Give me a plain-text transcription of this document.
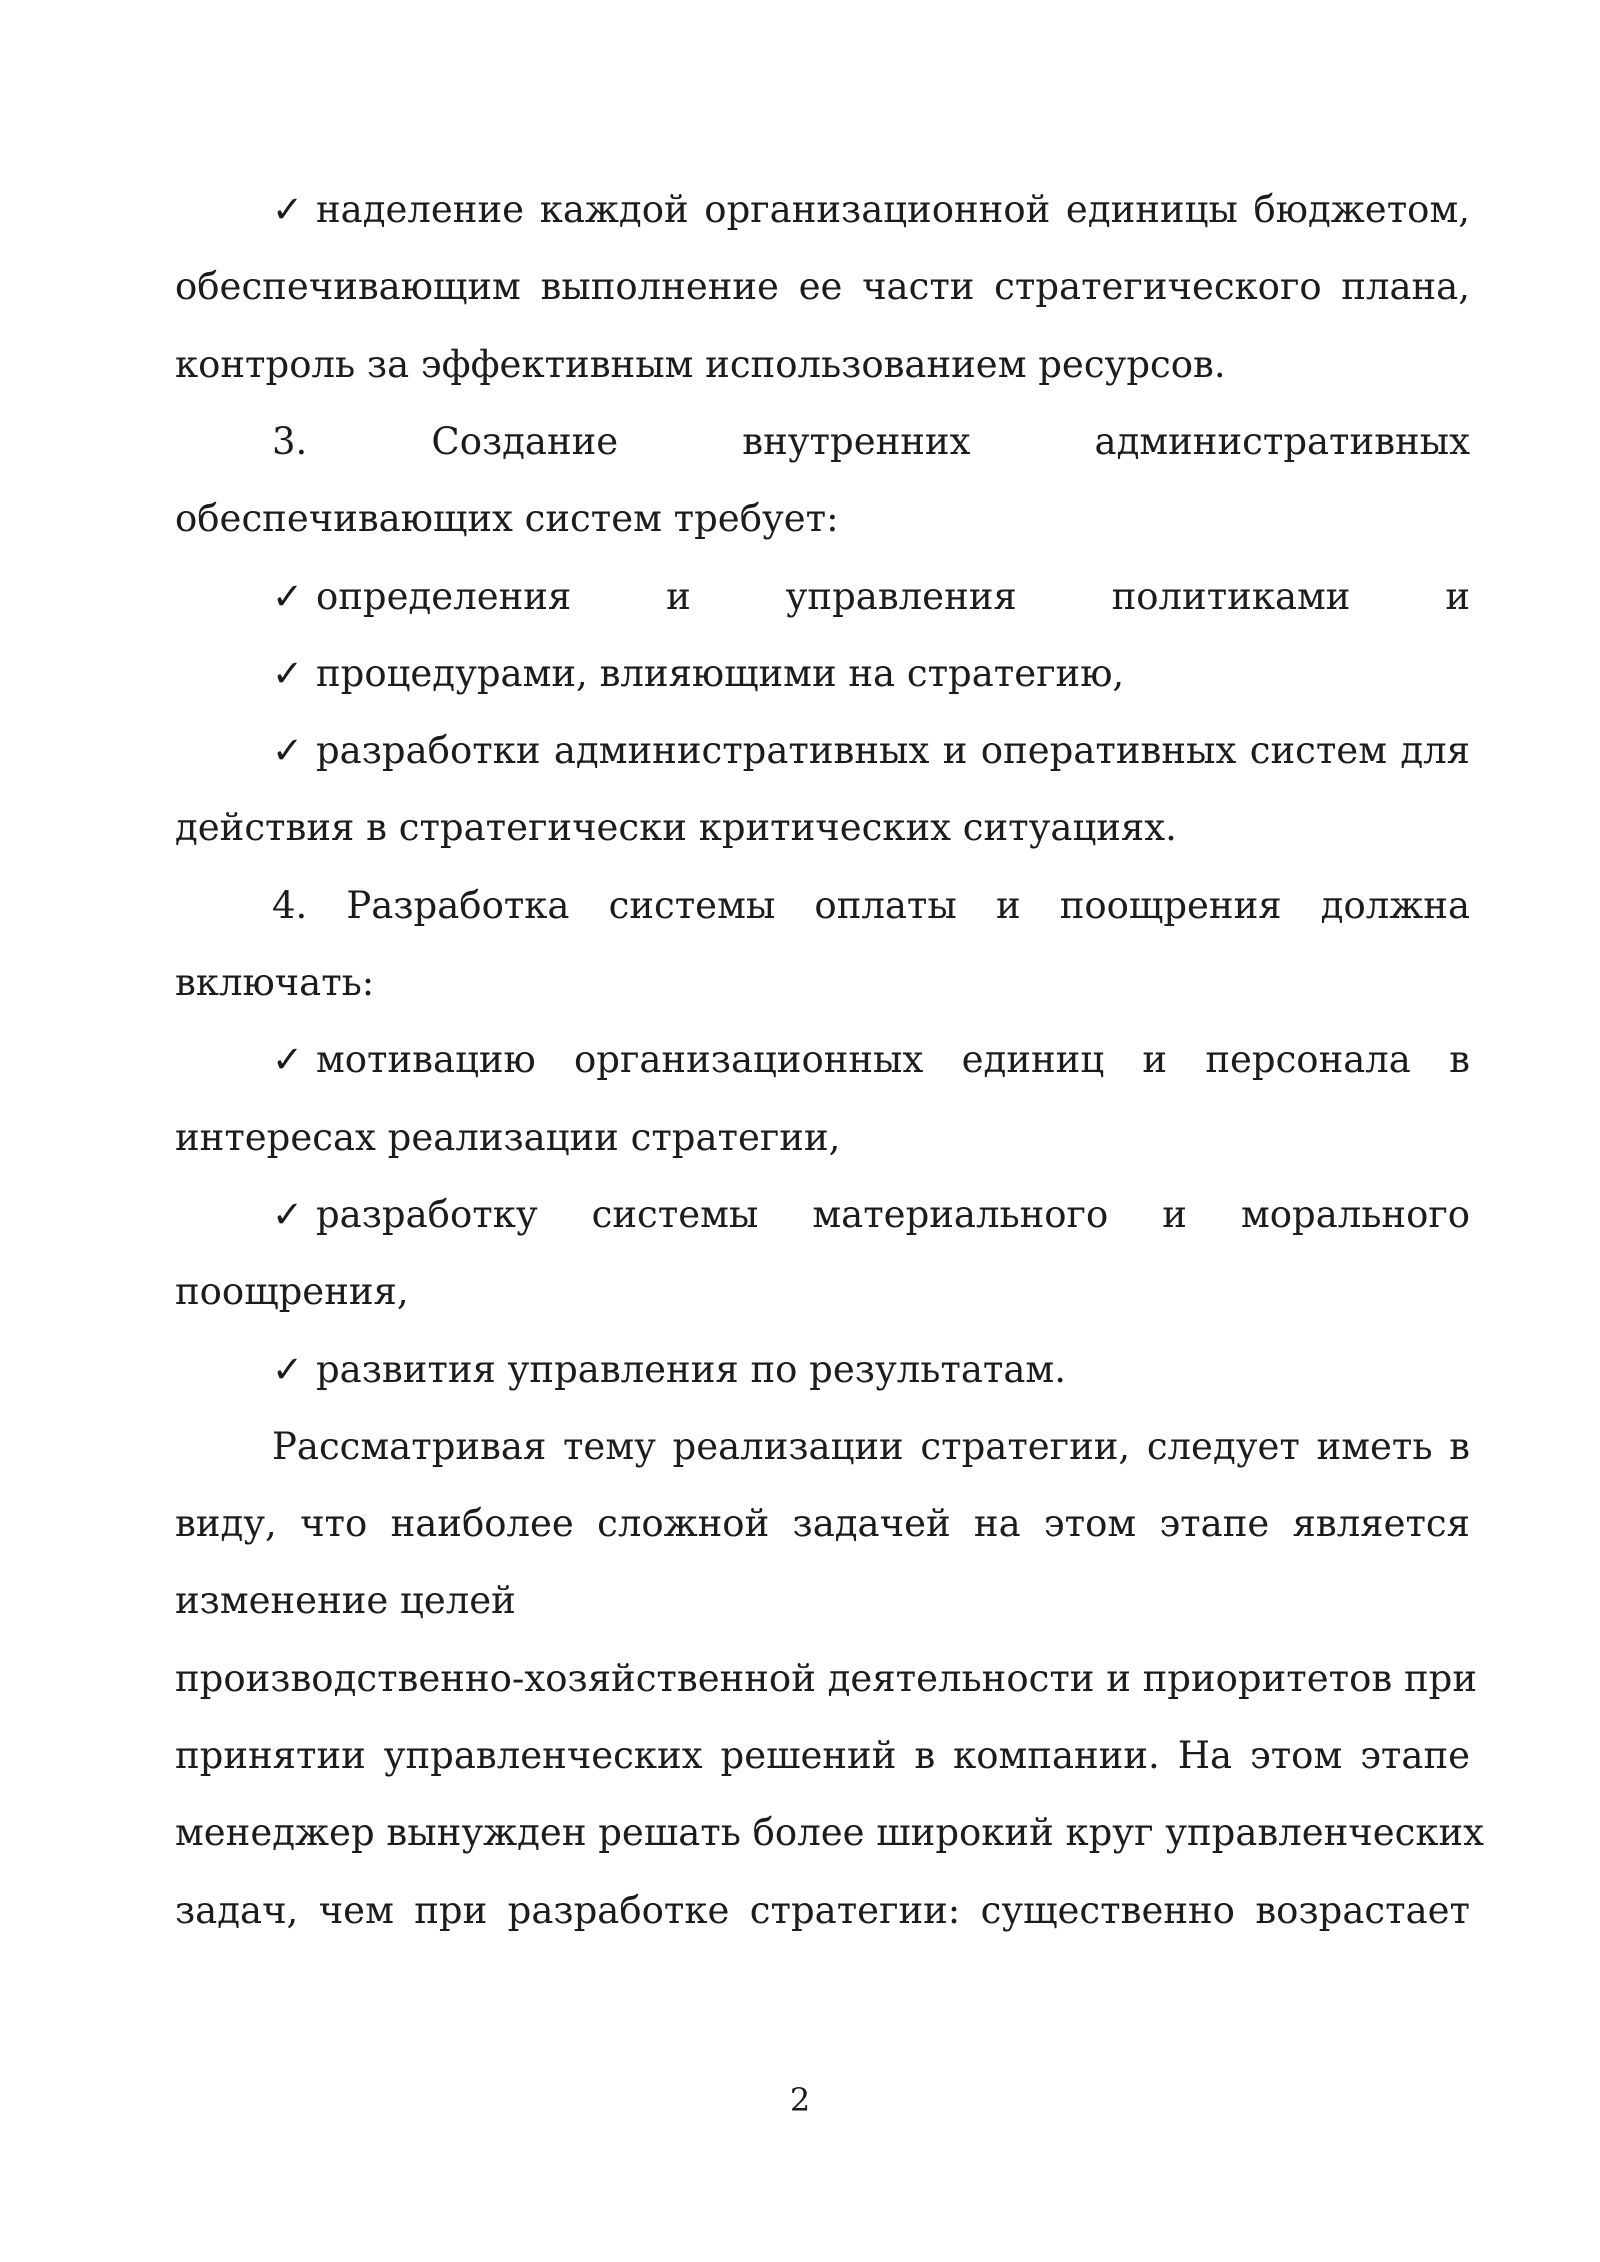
✓ наделение каждой организационной единицы бюджетом,
обеспечивающим выполнение ее части стратегического плана,
контроль за эффективным использованием ресурсов.
3. Создание внутренних административных
обеспечивающих систем требует:
✓ определения и управления политиками и
✓ процедурами, влияющими на стратегию,
✓ разработки административных и оперативных систем для
действия в стратегически критических ситуациях.
4. Разработка системы оплаты и поощрения должна
включать:
✓ мотивацию организационных единиц и персонала в
интересах реализации стратегии,
✓ разработку системы материального и морального
поощрения,
✓ развития управления по результатам.
Рассматривая тему реализации стратегии, следует иметь в
виду, что наиболее сложной задачей на этом этапе является
изменение целей
производственно-хозяйственной деятельности и приоритетов при
принятии управленческих решений в компании. На этом этапе
менеджер вынужден решать более широкий круг управленческих
задач, чем при разработке стратегии: существенно возрастает
2
